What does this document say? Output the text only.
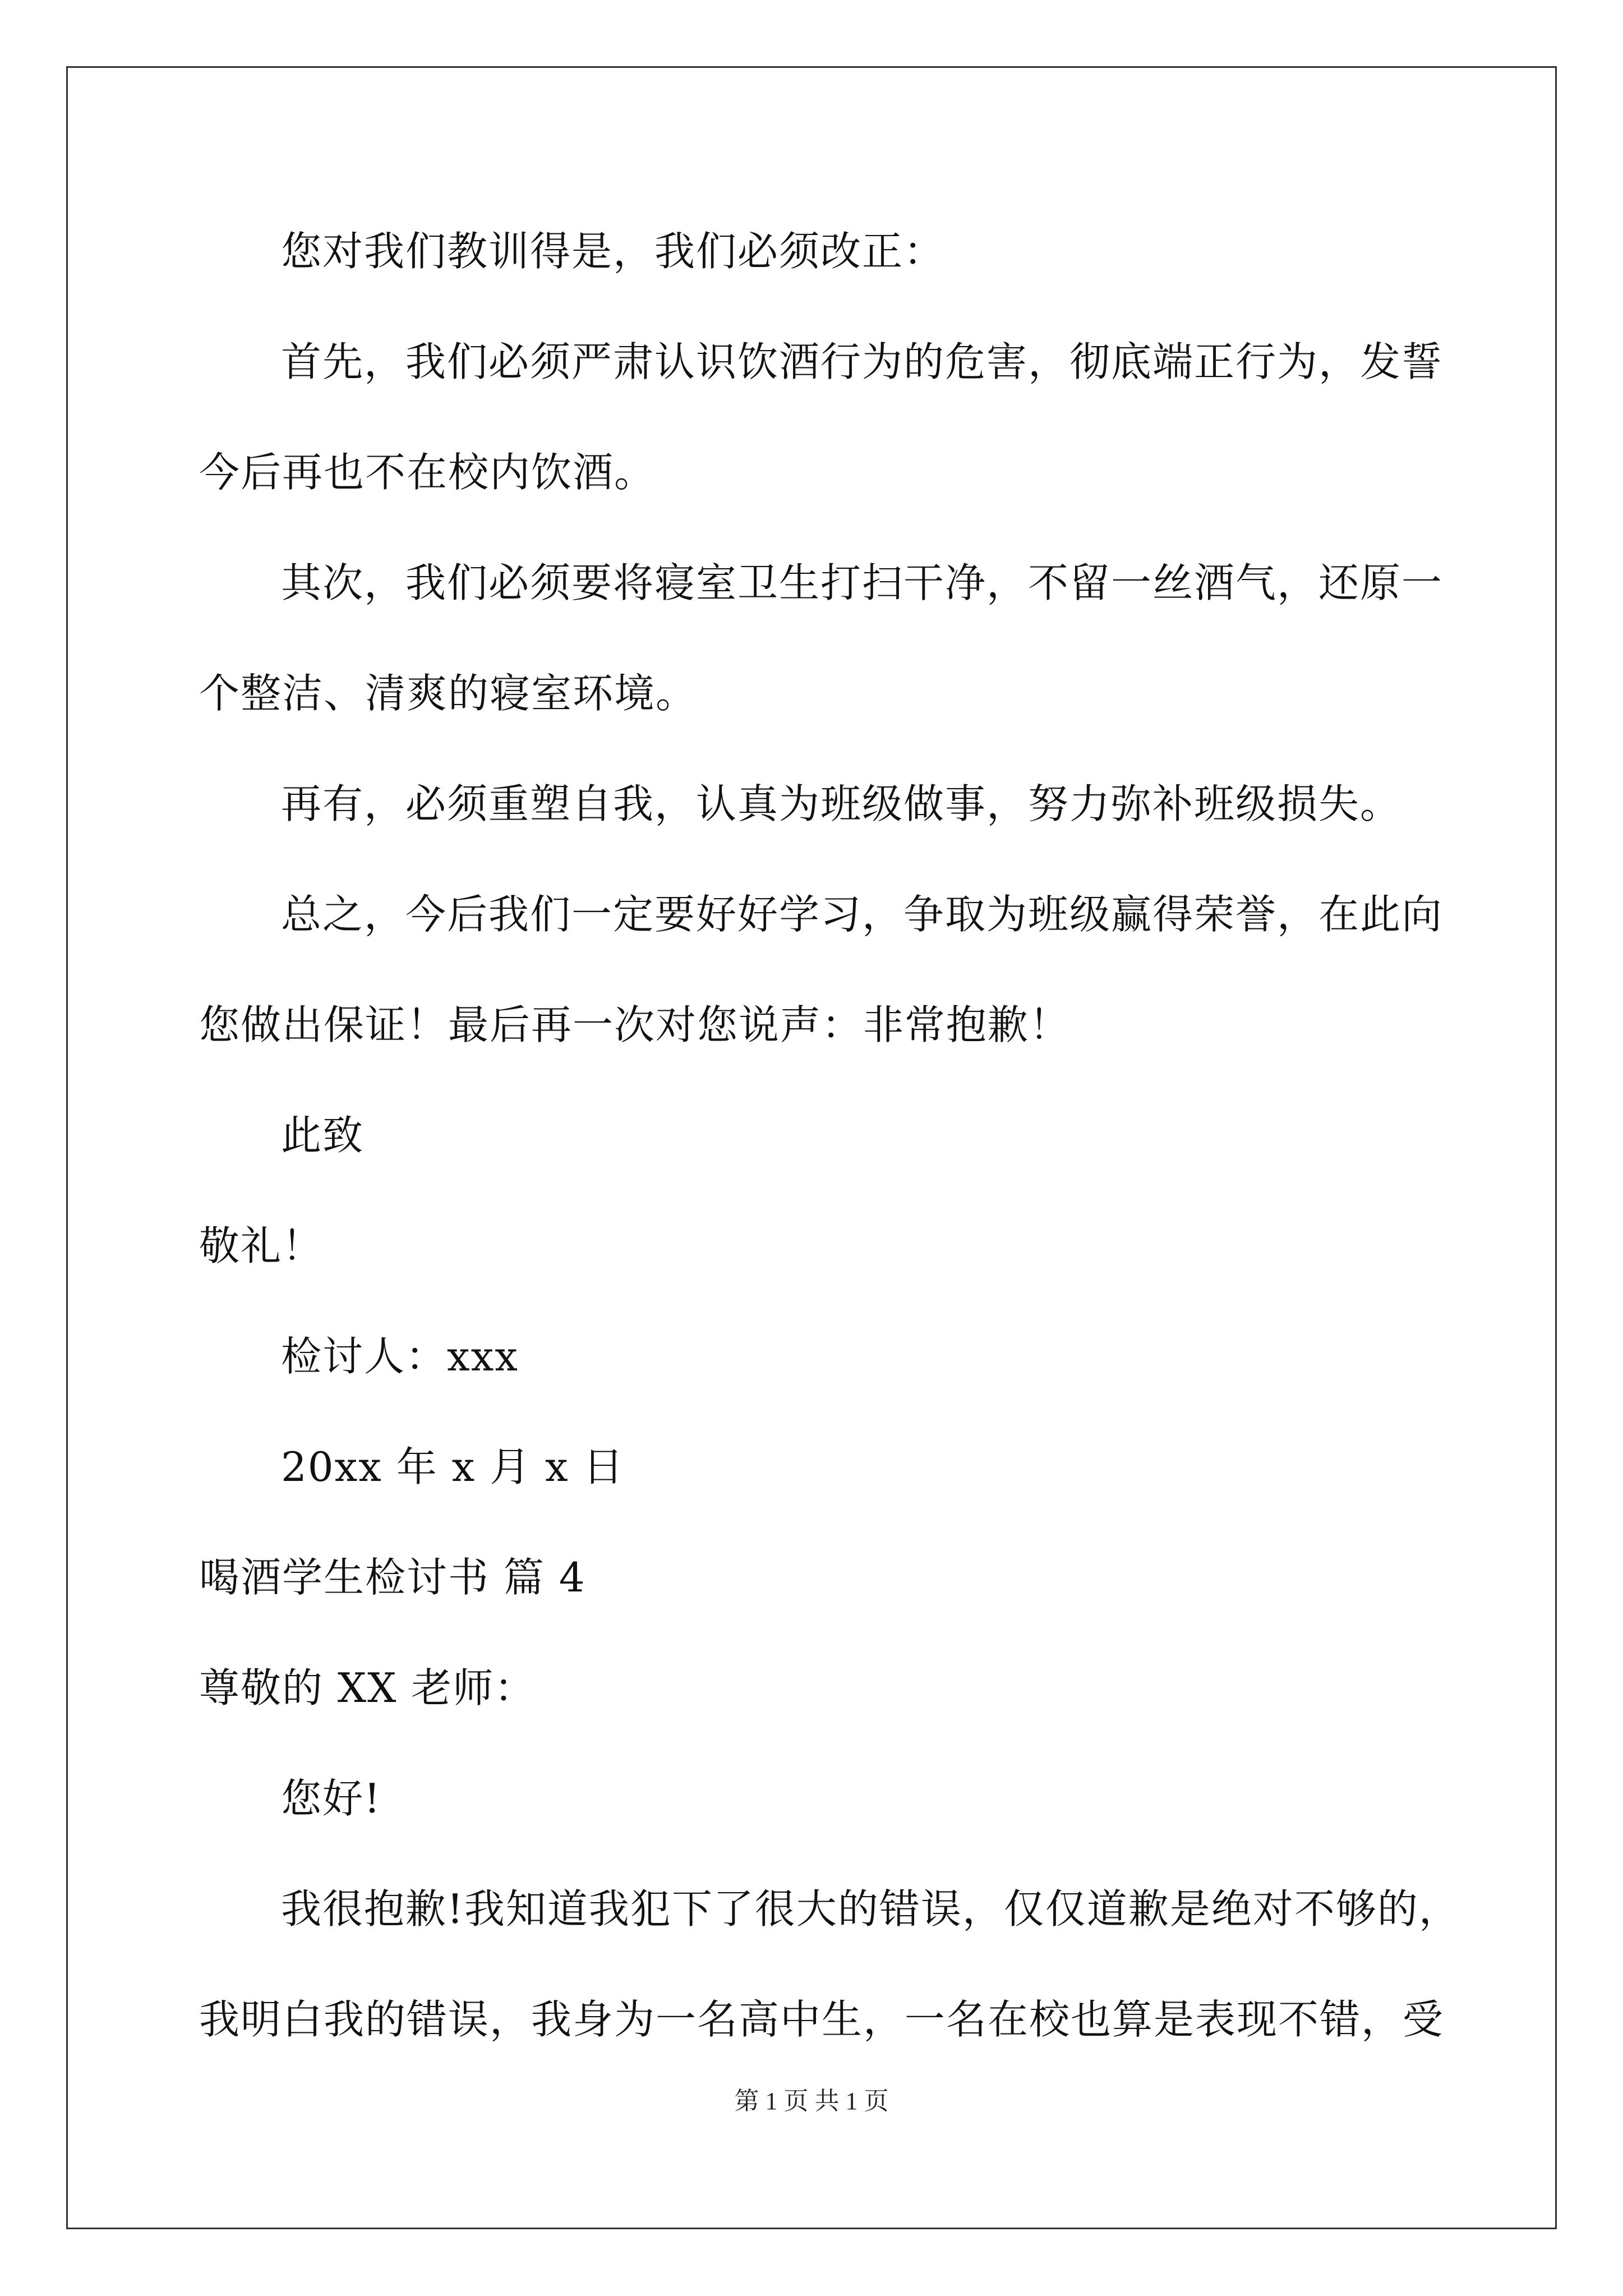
您对我们教训得是，我们必须改正：
首先，我们必须严肃认识饮酒行为的危害，彻底端正行为，发誓
今后再也不在校内饮酒。
其次，我们必须要将寝室卫生打扫干净，不留一丝酒气，还原一
个整洁、清爽的寝室环境。
再有，必须重塑自我，认真为班级做事，努力弥补班级损失。
总之，今后我们一定要好好学习，争取为班级赢得荣誉，在此向
您做出保证！最后再一次对您说声：非常抱歉！
此致
敬礼！
检讨人：xxx
20xx 年 x 月 x 日
喝酒学生检讨书 篇 4
尊敬的 XX 老师：
您好!
我很抱歉!我知道我犯下了很大的错误，仅仅道歉是绝对不够的，
我明白我的错误，我身为一名高中生，一名在校也算是表现不错，受
第 1 页 共 1 页
